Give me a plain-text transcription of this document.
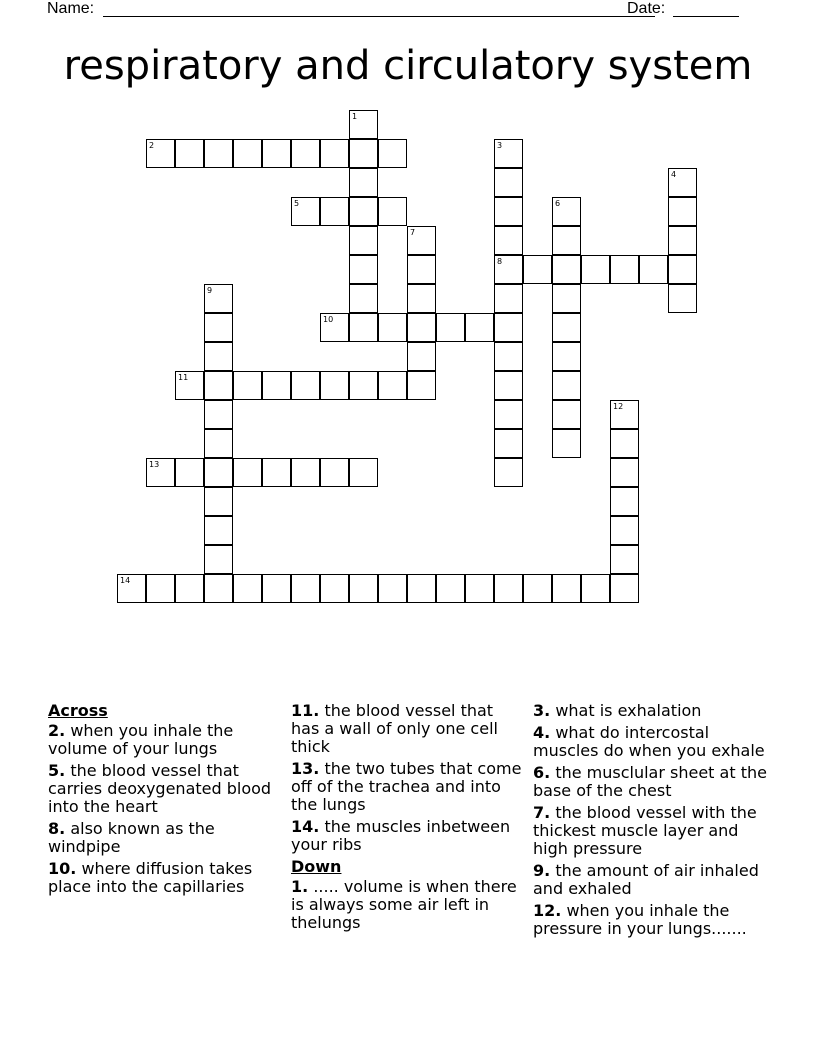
Name:	Date:
respiratory and circulatory system
1
2	3
8
4
5	6
7
9
10
11
12
13
14
Across
2. when you inhale the volume of your lungs
5. the blood vessel that carries deoxygenated blood into the heart
8. also known as the windpipe
10. where diffusion takes place into the capillaries
11. the blood vessel that has a wall of only one cell thick
13. the two tubes that come off of the trachea and into the lungs
14. the muscles inbetween your ribs
Down
1. ..... volume is when there is always some air left in thelungs
3. what is exhalation
4. what do intercostal muscles do when you exhale
6. the musclular sheet at the base of the chest
7. the blood vessel with the thickest muscle layer and high pressure
9. the amount of air inhaled and exhaled
12. when you inhale the pressure in your lungs.......
